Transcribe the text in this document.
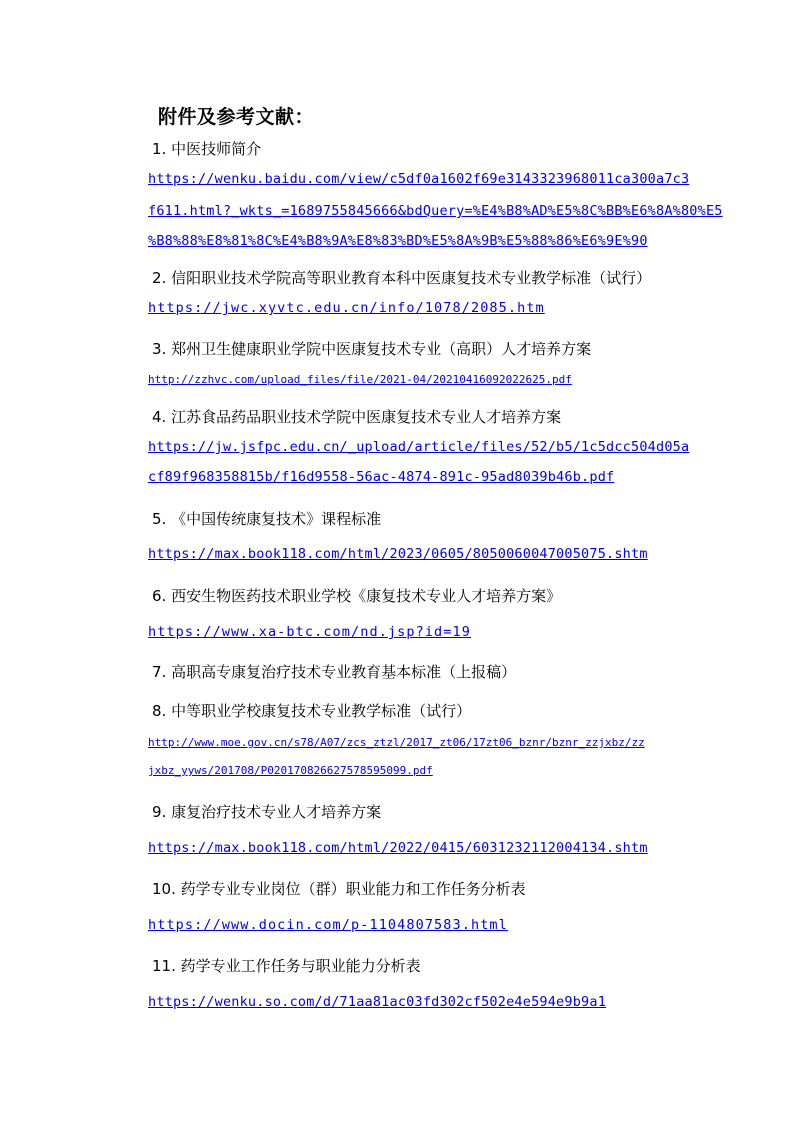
附件及参考文献：
1. 中医技师简介
https://wenku.baidu.com/view/c5df0a1602f69e3143323968011ca300a7c3
f611.html?_wkts_=1689755845666&bdQuery=%E4%B8%AD%E5%8C%BB%E6%8A%80%E5
%B8%88%E8%81%8C%E4%B8%9A%E8%83%BD%E5%8A%9B%E5%88%86%E6%9E%90
2. 信阳职业技术学院高等职业教育本科中医康复技术专业教学标准（试行）
https://jwc.xyvtc.edu.cn/info/1078/2085.htm
3. 郑州卫生健康职业学院中医康复技术专业（高职）人才培养方案
http://zzhvc.com/upload_files/file/2021-04/20210416092022625.pdf
4. 江苏食品药品职业技术学院中医康复技术专业人才培养方案
https://jw.jsfpc.edu.cn/_upload/article/files/52/b5/1c5dcc504d05a
cf89f968358815b/f16d9558-56ac-4874-891c-95ad8039b46b.pdf
5. 《中国传统康复技术》课程标准
https://max.book118.com/html/2023/0605/8050060047005075.shtm
6. 西安生物医药技术职业学校《康复技术专业人才培养方案》
https://www.xa-btc.com/nd.jsp?id=19
7. 高职高专康复治疗技术专业教育基本标准（上报稿）
8. 中等职业学校康复技术专业教学标准（试行）
http://www.moe.gov.cn/s78/A07/zcs_ztzl/2017_zt06/17zt06_bznr/bznr_zzjxbz/zz
jxbz_yyws/201708/P020170826627578595099.pdf
9. 康复治疗技术专业人才培养方案
https://max.book118.com/html/2022/0415/6031232112004134.shtm
10. 药学专业专业岗位（群）职业能力和工作任务分析表
https://www.docin.com/p-1104807583.html
11. 药学专业工作任务与职业能力分析表
https://wenku.so.com/d/71aa81ac03fd302cf502e4e594e9b9a1
